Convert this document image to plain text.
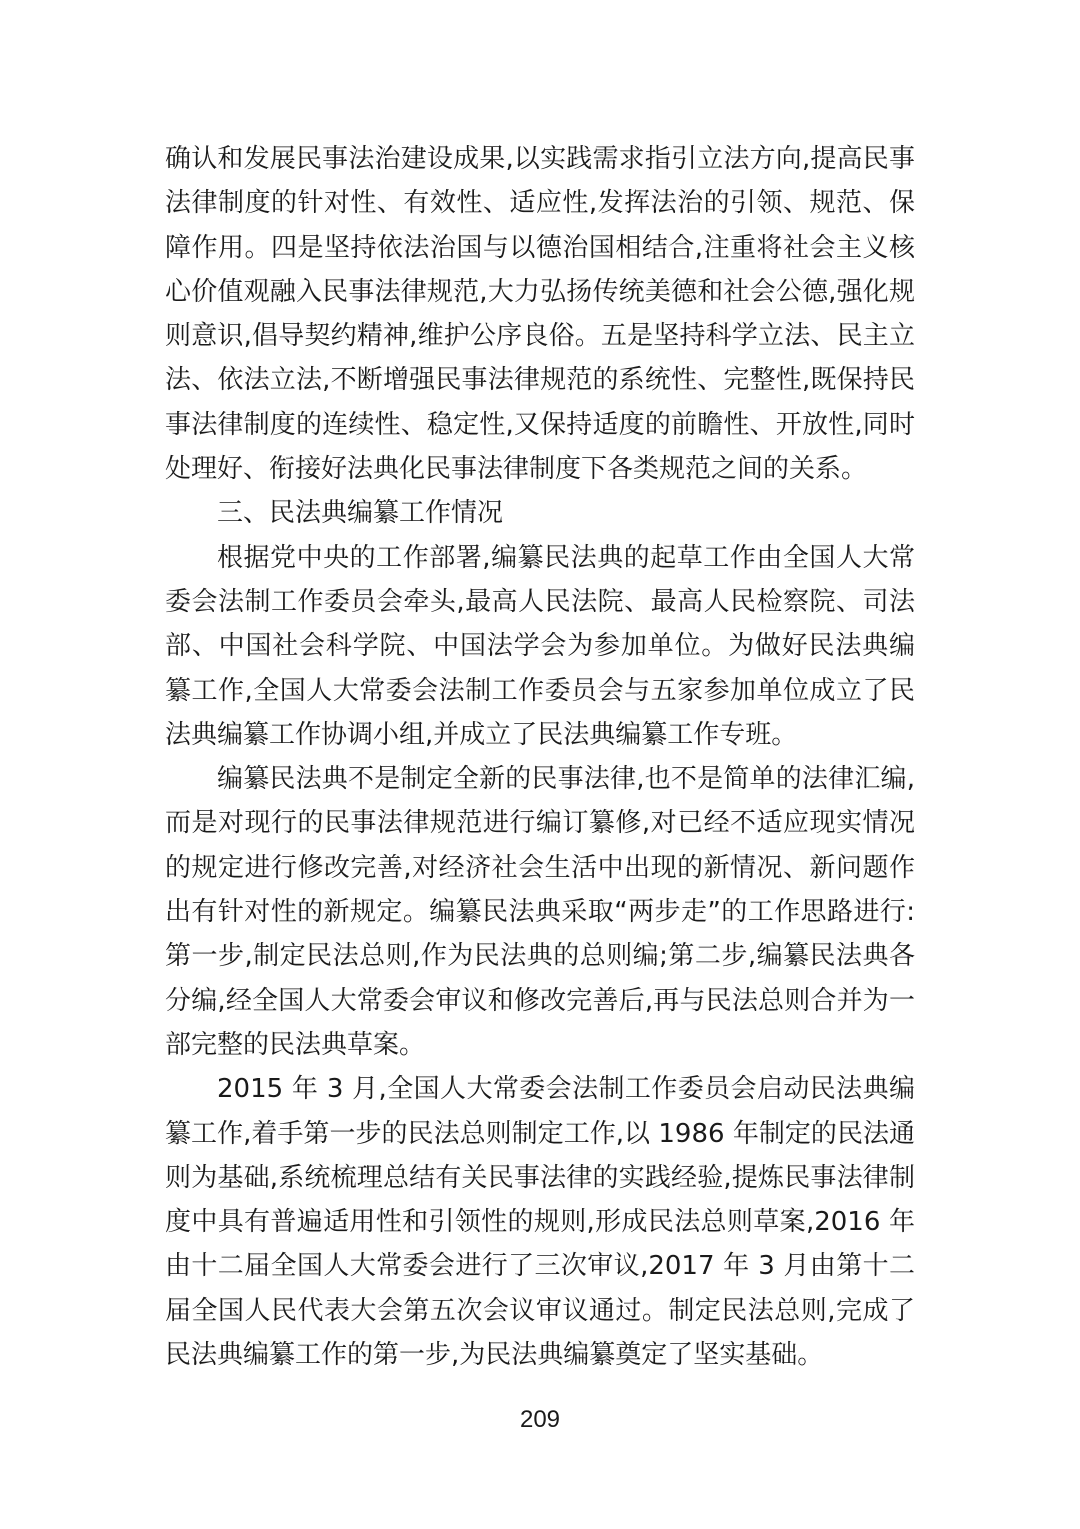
确认和发展民事法治建设成果,以实践需求指引立法方向,提高民事法律制度的针对性、有效性、适应性,发挥法治的引领、规范、保障作用。四是坚持依法治国与以德治国相结合,注重将社会主义核心价值观融入民事法律规范,大力弘扬传统美德和社会公德,强化规则意识,倡导契约精神,维护公序良俗。五是坚持科学立法、民主立法、依法立法,不断增强民事法律规范的系统性、完整性,既保持民事法律制度的连续性、稳定性,又保持适度的前瞻性、开放性,同时处理好、衔接好法典化民事法律制度下各类规范之间的关系。

三、民法典编纂工作情况

根据党中央的工作部署,编纂民法典的起草工作由全国人大常委会法制工作委员会牵头,最高人民法院、最高人民检察院、司法部、中国社会科学院、中国法学会为参加单位。为做好民法典编纂工作,全国人大常委会法制工作委员会与五家参加单位成立了民法典编纂工作协调小组,并成立了民法典编纂工作专班。

编纂民法典不是制定全新的民事法律,也不是简单的法律汇编,而是对现行的民事法律规范进行编订纂修,对已经不适应现实情况的规定进行修改完善,对经济社会生活中出现的新情况、新问题作出有针对性的新规定。编纂民法典采取“两步走”的工作思路进行:第一步,制定民法总则,作为民法典的总则编;第二步,编纂民法典各分编,经全国人大常委会审议和修改完善后,再与民法总则合并为一部完整的民法典草案。

2015 年 3 月,全国人大常委会法制工作委员会启动民法典编纂工作,着手第一步的民法总则制定工作,以 1986 年制定的民法通则为基础,系统梳理总结有关民事法律的实践经验,提炼民事法律制度中具有普遍适用性和引领性的规则,形成民法总则草案,2016 年由十二届全国人大常委会进行了三次审议,2017 年 3 月由第十二届全国人民代表大会第五次会议审议通过。制定民法总则,完成了民法典编纂工作的第一步,为民法典编纂奠定了坚实基础。

209
